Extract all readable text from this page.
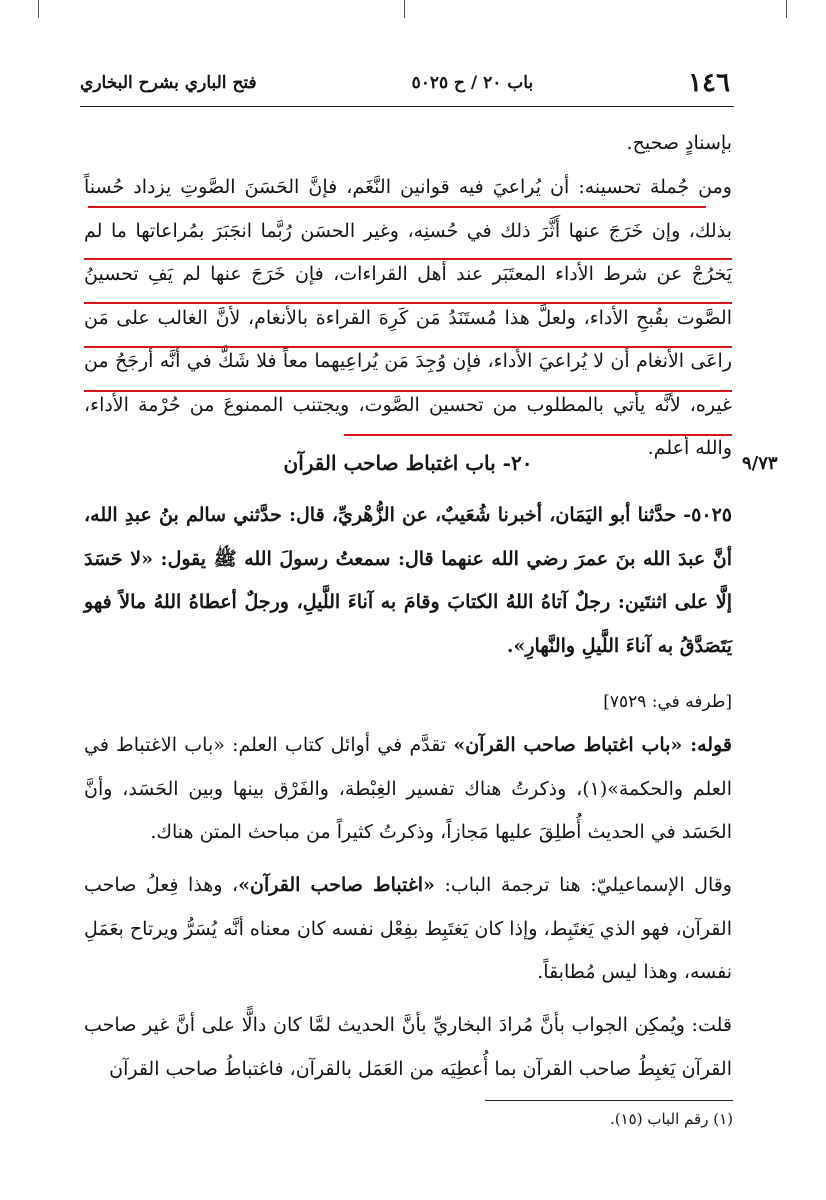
١٤٦
باب ٢٠ / ح ٥٠٢٥
فتح الباري بشرح البخاري
بإسنادٍ صحيح.
ومن جُملة تحسينه: أن يُراعيَ فيه قوانين النَّغَم، فإنَّ الحَسَنَ الصَّوتِ يزداد حُسناً بذلك، وإن خَرَجَ عنها أَثَّرَ ذلك في حُسنِه، وغير الحسَن رُبَّما انجَبَرَ بمُراعاتها ما لم يَخرُجْ عن شرط الأداء المعتَبَر عند أهل القراءات، فإن خَرَجَ عنها لم يَفِ تحسينُ الصَّوت بقُبحِ الأداء، ولعلَّ هذا مُستَنَدُ مَن كَرِهَ القراءة بالأنغام، لأنَّ الغالب على مَن راعَى الأنغام أن لا يُراعيَ الأداء، فإن وُجِدَ مَن يُراعِيهما معاً فلا شَكَّ في أنَّه أرجَحُ من غيره، لأنَّه يأتي بالمطلوب من تحسين الصَّوت، ويجتنب الممنوعَ من حُرْمة الأداء، والله أعلم.
٢٠- باب اغتباط صاحب القرآن	٩/٧٣
٥٠٢٥- حدَّثنا أبو اليَمَان، أخبرنا شُعَيبٌ، عن الزُّهْريِّ، قال: حدَّثني سالم بنُ عبدِ الله، أنَّ عبدَ الله بنَ عمرَ رضي الله عنهما قال: سمعتُ رسولَ الله ﷺ يقول: «لا حَسَدَ إلَّا على اثنتَين: رجلٌ آتاهُ اللهُ الكتابَ وقامَ به آناءَ اللَّيلِ، ورجلٌ أعطاهُ اللهُ مالاً فهو يَتَصَدَّقُ به آناءَ اللَّيلِ والنَّهارِ».
[طرفه في: ٧٥٢٩]
قوله: «باب اغتباط صاحب القرآن» تقدَّم في أوائل كتاب العلم: «باب الاغتباط في العلم والحكمة»(١)، وذكرتُ هناك تفسير الغِبْطة، والفَرْق بينها وبين الحَسَد، وأنَّ الحَسَد في الحديث أُطلِقَ عليها مَجازاً، وذكرتُ كثيراً من مباحث المتن هناك.
وقال الإسماعيليّ: هنا ترجمة الباب: «اغتباط صاحب القرآن»، وهذا فِعلُ صاحب القرآن، فهو الذي يَغتَبِط، وإذا كان يَغتَبِط بفِعْل نفسه كان معناه أنَّه يُسَرُّ ويرتاح بعَمَلِ نفسه، وهذا ليس مُطابقاً.
قلت: ويُمكِن الجواب بأنَّ مُرادَ البخاريِّ بأنَّ الحديث لمَّا كان دالًّا على أنَّ غير صاحب القرآن يَغبِطُ صاحب القرآن بما أُعطِيَه من العَمَل بالقرآن، فاغتباطُ صاحب القرآن
(١) رقم الباب (١٥).
